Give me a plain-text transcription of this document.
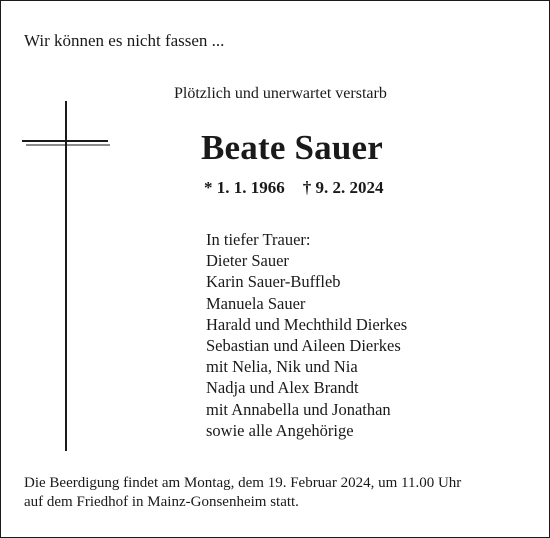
Wir können es nicht fassen ...
Plötzlich und unerwartet verstarb
Beate Sauer
* 1. 1. 1966 † 9. 2. 2024
In tiefer Trauer:
Dieter Sauer
Karin Sauer-Buffleb
Manuela Sauer
Harald und Mechthild Dierkes
Sebastian und Aileen Dierkes
mit Nelia, Nik und Nia
Nadja und Alex Brandt
mit Annabella und Jonathan
sowie alle Angehörige
Die Beerdigung findet am Montag, dem 19. Februar 2024, um 11.00 Uhr
auf dem Friedhof in Mainz-Gonsenheim statt.
